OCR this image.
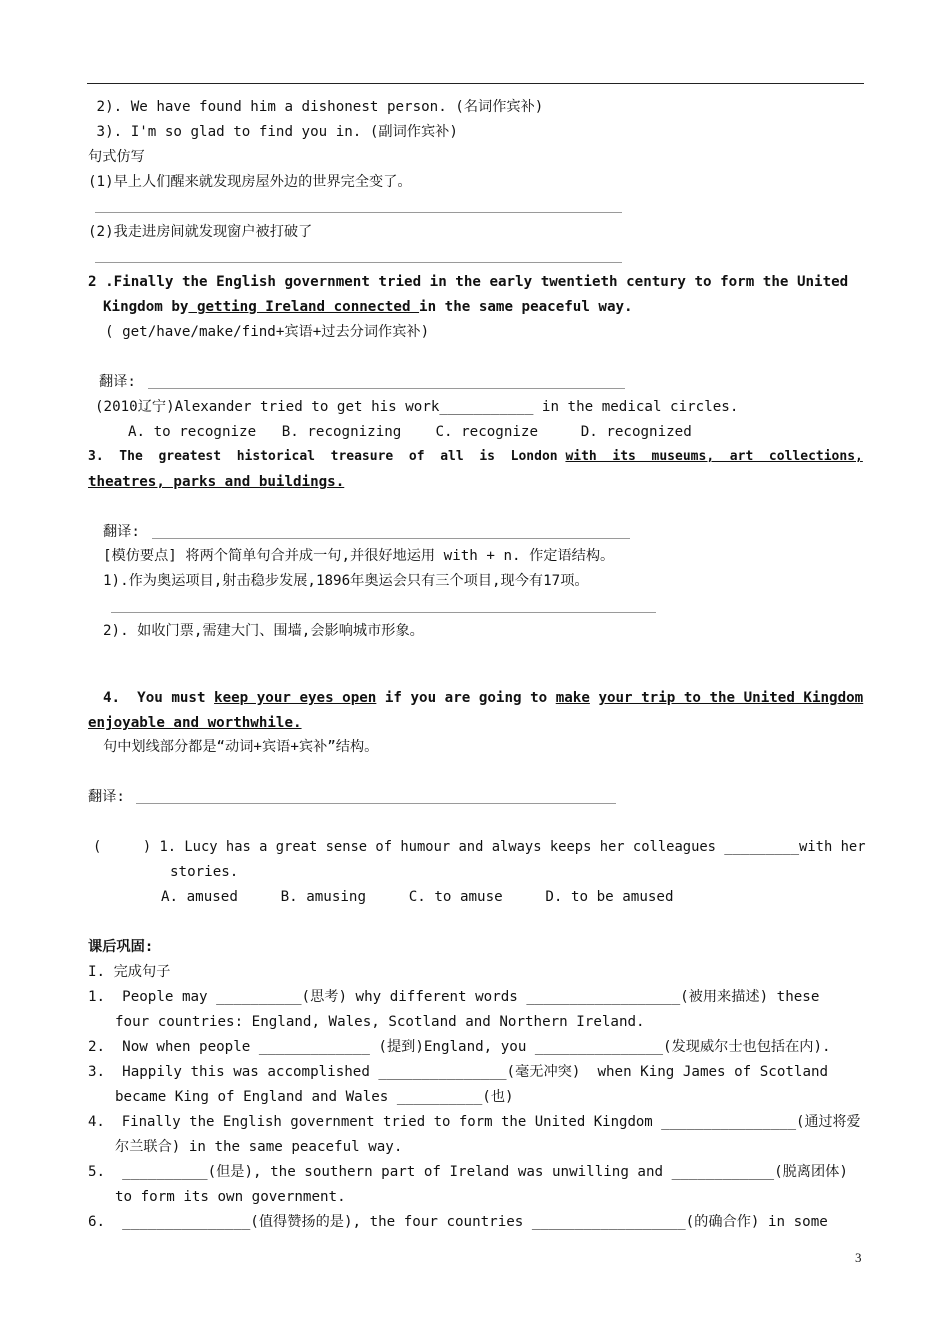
2). We have found him a dishonest person. (名词作宾补)
3). I'm so glad to find you in. (副词作宾补)
句式仿写
(1)早上人们醒来就发现房屋外边的世界完全变了。
(2)我走进房间就发现窗户被打破了
2 .Finally the English government tried in the early twentieth century to form the United
Kingdom by getting Ireland connected in the same peaceful way.
( get/have/make/find+宾语+过去分词作宾补)
翻译:
(2010辽宁)Alexander tried to get his work___________ in the medical circles.
A. to recognize   B. recognizing    C. recognize     D. recognized
3.  The  greatest  historical  treasure  of  all  is  London with  its  museums,  art  collections,
theatres, parks and buildings.
翻译:
[模仿要点] 将两个简单句合并成一句,并很好地运用 with + n. 作定语结构。
1).作为奥运项目,射击稳步发展,1896年奥运会只有三个项目,现今有17项。
2). 如收门票,需建大门、围墙,会影响城市形象。
4.  You must keep your eyes open if you are going to make your trip to the United Kingdom
enjoyable and worthwhile.
句中划线部分都是“动词+宾语+宾补”结构。
翻译:
(     ) 1. Lucy has a great sense of humour and always keeps her colleagues _________with her
stories.
A. amused     B. amusing     C. to amuse     D. to be amused
课后巩固:
I. 完成句子
1.  People may __________(思考) why different words __________________(被用来描述) these
four countries: England, Wales, Scotland and Northern Ireland.
2.  Now when people _____________ (提到)England, you _______________(发现威尔士也包括在内).
3.  Happily this was accomplished _______________(毫无冲突)  when King James of Scotland
became King of England and Wales __________(也)
4.  Finally the English government tried to form the United Kingdom ________________(通过将爱
尔兰联合) in the same peaceful way.
5.  __________(但是), the southern part of Ireland was unwilling and ____________(脱离团体)
to form its own government.
6.  _______________(值得赞扬的是), the four countries __________________(的确合作) in some
3
